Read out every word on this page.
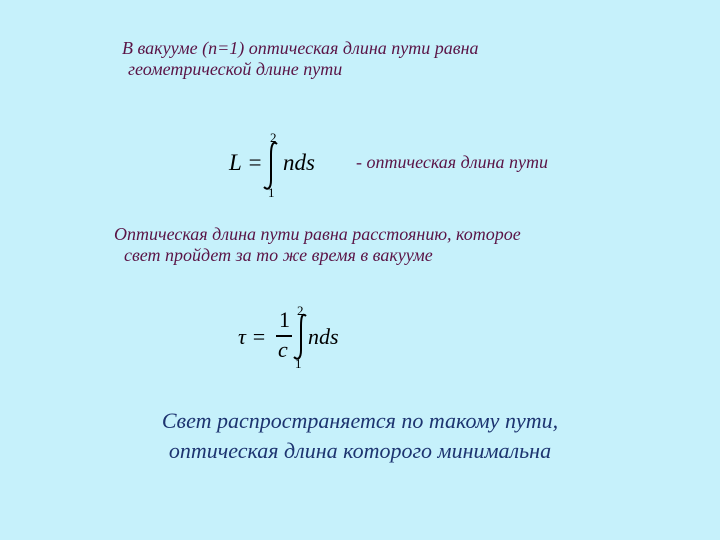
В вакууме (n=1) оптическая длина пути равна
геометрической длине пути
L =
2
1
nds - оптическая длина пути
Оптическая длина пути равна расстоянию, которое
свет пройдет за то же время в вакууме
τ =
1
c
2
1
nds
Свет распространяется по такому пути,
оптическая длина которого минимальна
